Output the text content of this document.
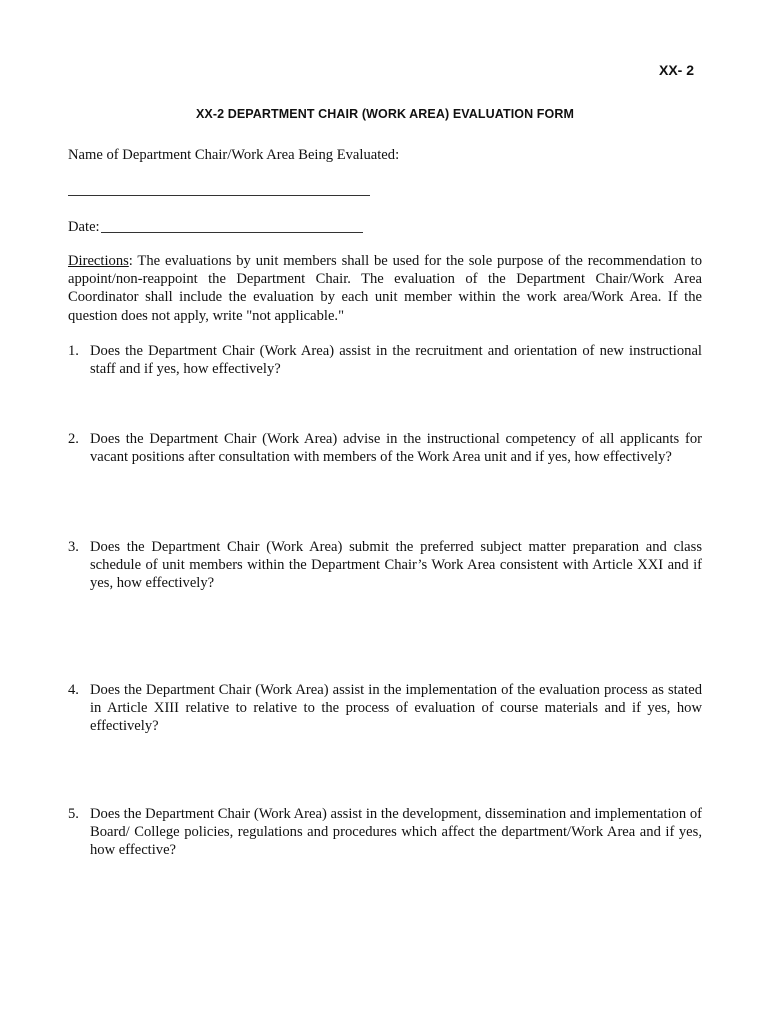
XX- 2
XX-2 DEPARTMENT CHAIR (WORK AREA) EVALUATION FORM
Name of Department Chair/Work Area Being Evaluated:
Date:
Directions: The evaluations by unit members shall be used for the sole purpose of the recommendation to appoint/non-reappoint the Department Chair. The evaluation of the Department Chair/Work Area Coordinator shall include the evaluation by each unit member within the work area/Work Area. If the question does not apply, write "not applicable."
1. Does the Department Chair (Work Area) assist in the recruitment and orientation of new instructional staff and if yes, how effectively?
2. Does the Department Chair (Work Area) advise in the instructional competency of all applicants for vacant positions after consultation with members of the Work Area unit and if yes, how effectively?
3. Does the Department Chair (Work Area) submit the preferred subject matter preparation and class schedule of unit members within the Department Chair’s Work Area consistent with Article XXI and if yes, how effectively?
4. Does the Department Chair (Work Area) assist in the implementation of the evaluation process as stated in Article XIII relative to relative to the process of evaluation of course materials and if yes, how effectively?
5. Does the Department Chair (Work Area) assist in the development, dissemination and implementation of Board/ College policies, regulations and procedures which affect the department/Work Area and if yes, how effective?
